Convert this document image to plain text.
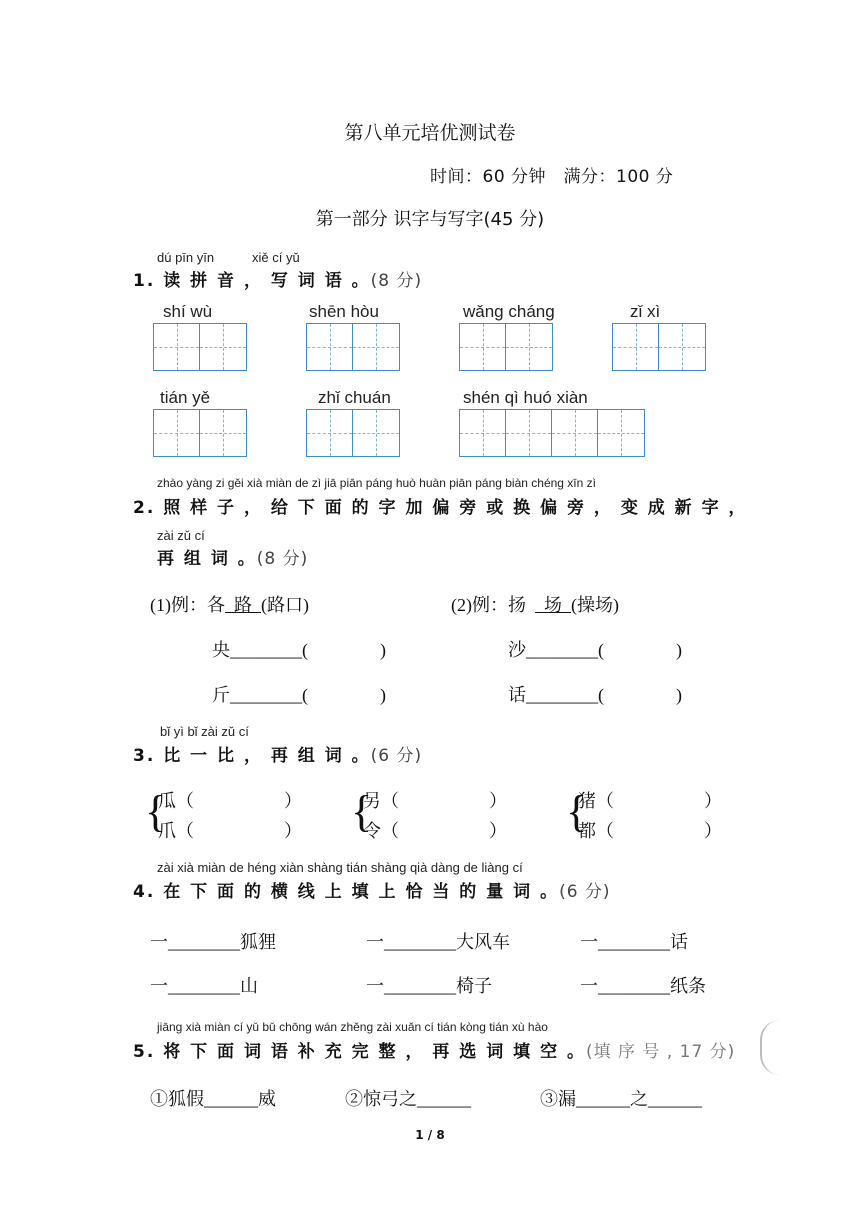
第八单元培优测试卷
时间：60 分钟　满分：100 分
第一部分 识字与写字(45 分)
dú pīn yīn	xiě cí yǔ
1. 读 拼 音 ， 写 词 语 。(8 分)
shí wù	shēn hòu	wǎng cháng	zǐ xì
tián yě	zhǐ chuán	shén qì huó xiàn
zhào yàng zi gěi xià miàn de zì jiā piān páng huò huàn piān páng biàn chéng xīn zì
2. 照 样 子 ， 给 下 面 的 字 加 偏 旁 或 换 偏 旁 ， 变 成 新 字 ，
zài zǔ cí
再 组 词 。(8 分)
(1)例：各 路 (路口)	(2)例：扬 场 (操场)
央________(　　　　)	沙________(　　　　)
斤________(　　　　)	话________(　　　　)
bǐ yì bǐ zài zǔ cí
3. 比 一 比 ， 再 组 词 。(6 分)
{
瓜（　　　　　）
爪（　　　　　） {
另（　　　　　）
令（　　　　　） {
猪（　　　　　）
都（　　　　　）
zài xià miàn de héng xiàn shàng tián shàng qià dàng de liàng cí
4. 在 下 面 的 横 线 上 填 上 恰 当 的 量 词 。(6 分)
一________狐狸	一________大风车	一________话
一________山	一________椅子	一________纸条
jiāng xià miàn cí yǔ bǔ chōng wán zhěng zài xuǎn cí tián kòng tián xù hào
5. 将 下 面 词 语 补 充 完 整 ， 再 选 词 填 空 。(填 序 号 , 17 分)
①狐假______威	②惊弓之______	③漏______之______
1 / 8
